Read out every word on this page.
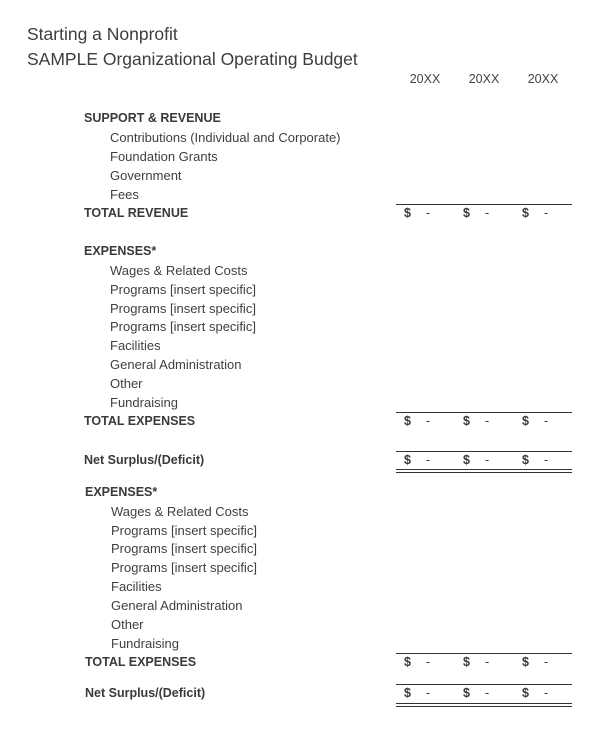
Starting a Nonprofit
SAMPLE Organizational Operating Budget
20XX	20XX	20XX
SUPPORT & REVENUE
Contributions (Individual and Corporate)
Foundation Grants
Government
Fees
TOTAL REVENUE	$ -	$ -	$ -
EXPENSES*
Wages & Related Costs
Programs [insert specific]
Programs [insert specific]
Programs [insert specific]
Facilities
General Administration
Other
Fundraising
TOTAL EXPENSES	$ -	$ -	$ -
Net Surplus/(Deficit)	$ -	$ -	$ -
EXPENSES*
Wages & Related Costs
Programs [insert specific]
Programs [insert specific]
Programs [insert specific]
Facilities
General Administration
Other
Fundraising
TOTAL EXPENSES	$ -	$ -	$ -
Net Surplus/(Deficit)	$ -	$ -	$ -
